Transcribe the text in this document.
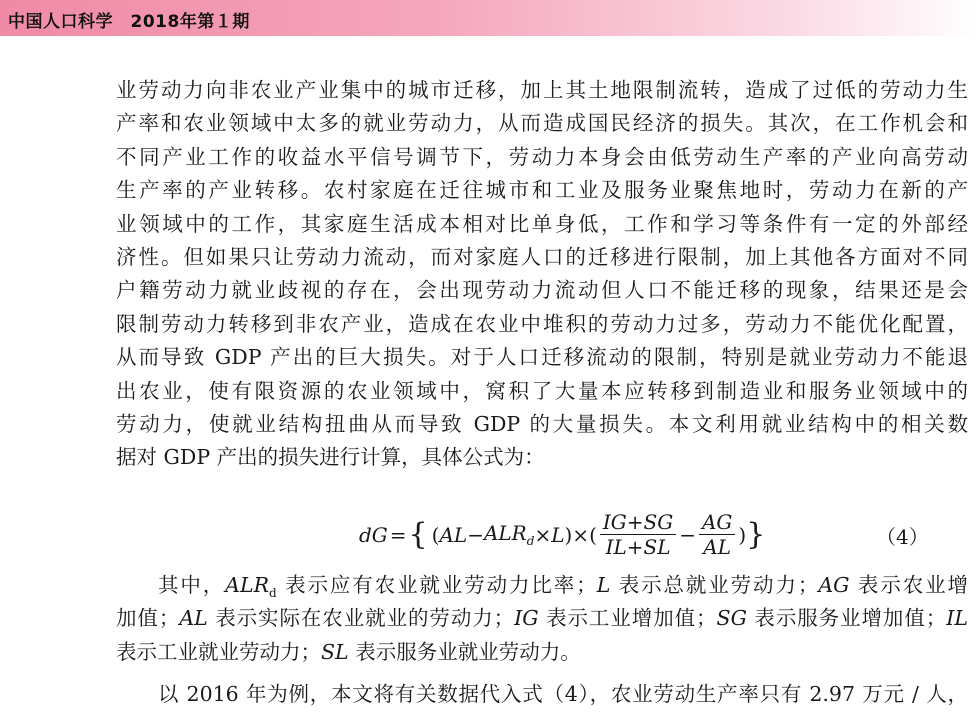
中国人口科学　2018年第１期
业劳动力向非农业产业集中的城市迁移，加上其土地限制流转，造成了过低的劳动力生
产率和农业领域中太多的就业劳动力，从而造成国民经济的损失。其次，在工作机会和
不同产业工作的收益水平信号调节下，劳动力本身会由低劳动生产率的产业向高劳动
生产率的产业转移。农村家庭在迁往城市和工业及服务业聚焦地时，劳动力在新的产
业领域中的工作，其家庭生活成本相对比单身低，工作和学习等条件有一定的外部经
济性。但如果只让劳动力流动，而对家庭人口的迁移进行限制，加上其他各方面对不同
户籍劳动力就业歧视的存在，会出现劳动力流动但人口不能迁移的现象，结果还是会
限制劳动力转移到非农产业，造成在农业中堆积的劳动力过多，劳动力不能优化配置，
从而导致 GDP 产出的巨大损失。对于人口迁移流动的限制，特别是就业劳动力不能退
出农业，使有限资源的农业领域中，窝积了大量本应转移到制造业和服务业领域中的
劳动力，使就业结构扭曲从而导致 GDP 的大量损失。本文利用就业结构中的相关数
据对 GDP 产出的损失进行计算，具体公式为：
dG = { ( AL − $ALR_d \times L$ ) × ( $\frac{IG+SG}{IL+SL} - \frac{AG}{AL}$ ) }	（4）
其中，$ALR_d$ 表示应有农业就业劳动力比率；L 表示总就业劳动力；AG 表示农业增
加值；AL 表示实际在农业就业的劳动力；IG 表示工业增加值；SG 表示服务业增加值；IL
表示工业就业劳动力；SL 表示服务业就业劳动力。
以 2016 年为例，本文将有关数据代入式（4），农业劳动生产率只有 2.97 万元 / 人，
